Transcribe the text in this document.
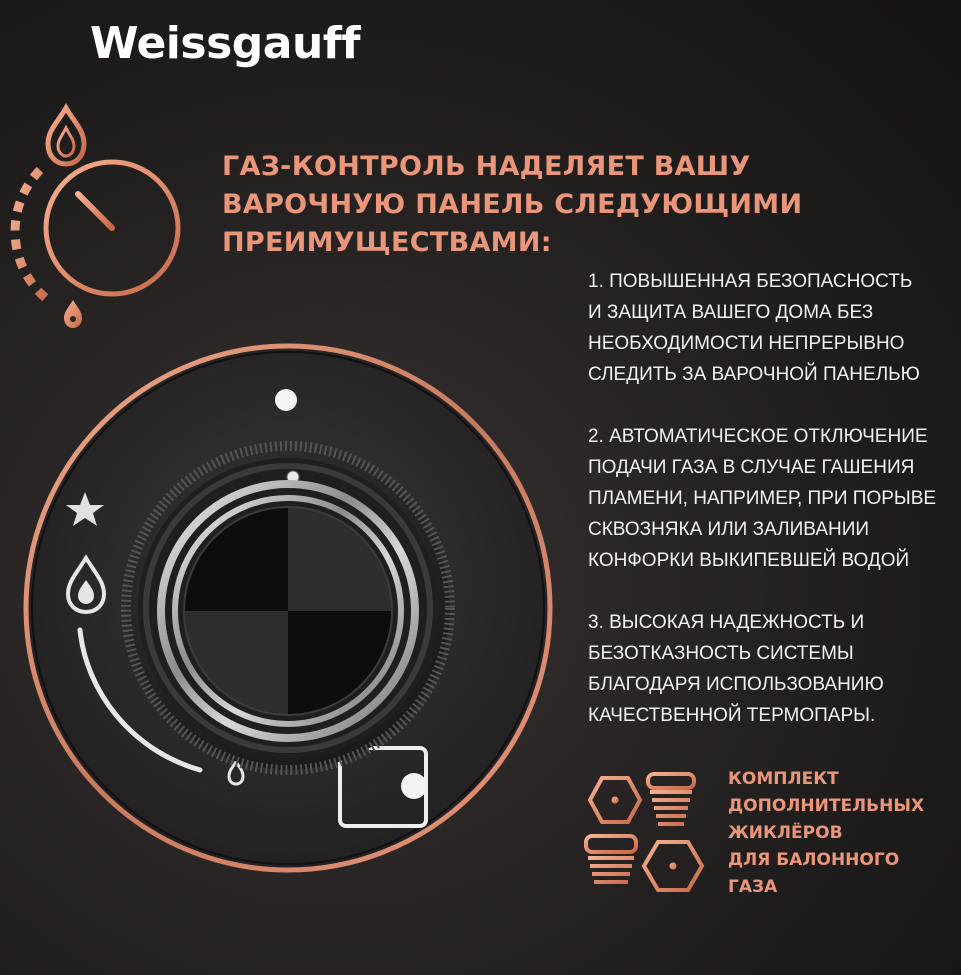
Weissgauff
ГАЗ-КОНТРОЛЬ НАДЕЛЯЕТ ВАШУ
ВАРОЧНУЮ ПАНЕЛЬ СЛЕДУЮЩИМИ
ПРЕИМУЩЕСТВАМИ:
1. ПОВЫШЕННАЯ БЕЗОПАСНОСТЬ
И ЗАЩИТА ВАШЕГО ДОМА БЕЗ
НЕОБХОДИМОСТИ НЕПРЕРЫВНО
СЛЕДИТЬ ЗА ВАРОЧНОЙ ПАНЕЛЬЮ
2. АВТОМАТИЧЕСКОЕ ОТКЛЮЧЕНИЕ
ПОДАЧИ ГАЗА В СЛУЧАЕ ГАШЕНИЯ
ПЛАМЕНИ, НАПРИМЕР, ПРИ ПОРЫВЕ
СКВОЗНЯКА ИЛИ ЗАЛИВАНИИ
КОНФОРКИ ВЫКИПЕВШЕЙ ВОДОЙ
3. ВЫСОКАЯ НАДЕЖНОСТЬ И
БЕЗОТКАЗНОСТЬ СИСТЕМЫ
БЛАГОДАРЯ ИСПОЛЬЗОВАНИЮ
КАЧЕСТВЕННОЙ ТЕРМОПАРЫ.
КОМПЛЕКТ
ДОПОЛНИТЕЛЬНЫХ
ЖИКЛЁРОВ
ДЛЯ БАЛОННОГО
ГАЗА
